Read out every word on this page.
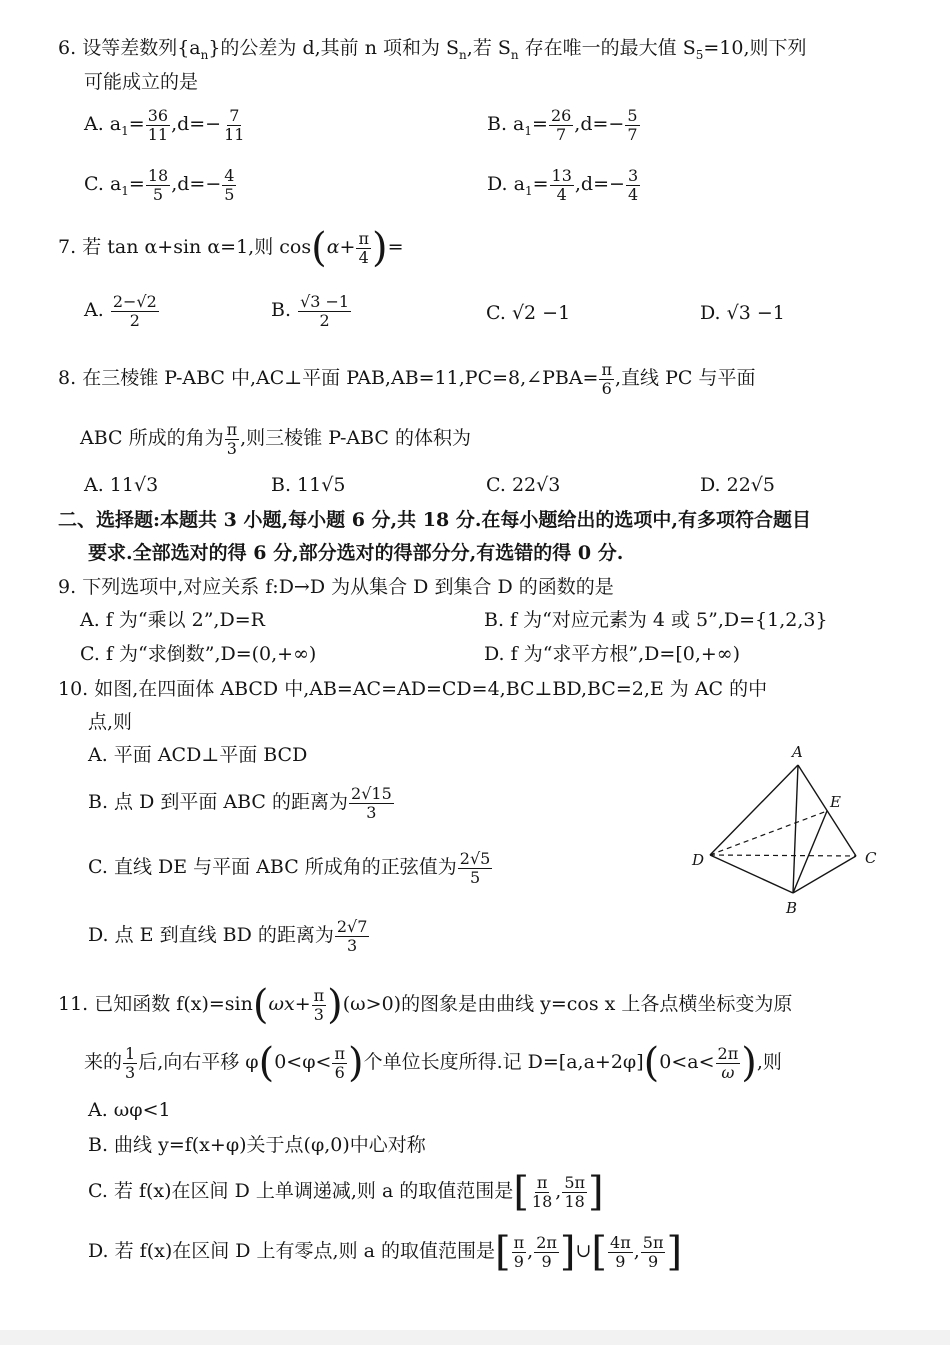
6. 设等差数列$\{a_n\}$的公差为 d,其前 n 项和为 $S_n$,若 $S_n$ 存在唯一的最大值 $S_5=10$,则下列
可能成立的是
A. $a_1= \frac{36}{11} ,d=- \frac{7}{11}$	B. $a_1= \frac{26}{7} ,d=- \frac{5}{7}$
C. $a_1= \frac{18}{5} ,d=- \frac{4}{5}$	D. $a_1= \frac{13}{4} ,d=- \frac{3}{4}$
7. 若 tan α+sin α=1,则 $\cos(\alpha+ \frac{\pi}{4}$ )=
A. $\frac{2-√2}{2}$	B. $\frac{√3 -1}{2}$	C. √2 −1	D. √3 −1
8. 在三棱锥 P-ABC 中,AC⊥平面 PAB,AB=11,PC=8,∠PBA= $\frac{\pi}{6}$ ,直线 PC 与平面
ABC 所成的角为 $\frac{\pi}{3}$ ,则三棱锥 P-ABC 的体积为
A. 11√3	B. 11√5	C. 22√3	D. 22√5
二、选择题:本题共 3 小题,每小题 6 分,共 18 分.在每小题给出的选项中,有多项符合题目
要求.全部选对的得 6 分,部分选对的得部分分,有选错的得 0 分.
9. 下列选项中,对应关系 f:D→D 为从集合 D 到集合 D 的函数的是
A. f 为“乘以 2”,D=R	B. f 为“对应元素为 4 或 5”,D={1,2,3}
C. f 为“求倒数”,D=(0,+∞)	D. f 为“求平方根”,D=[0,+∞)
10. 如图,在四面体 ABCD 中,AB=AC=AD=CD=4,BC⊥BD,BC=2,E 为 AC 的中
点,则
A. 平面 ACD⊥平面 BCD
B. 点 D 到平面 ABC 的距离为 $\frac{2√15}{3}$
C. 直线 DE 与平面 ABC 所成角的正弦值为 $\frac{2√5}{5}$
D. 点 E 到直线 BD 的距离为 $\frac{2√7}{3}$
A
E
D	C
B
11. 已知函数 $f(x)=\sin(\omega x+ \frac{\pi}{3} )(\omega>0)$的图象是由曲线 y=cos x 上各点横坐标变为原
来的 $\frac{1}{3}$ 后,向右平移 $\varphi(0<\varphi< \frac{\pi}{6}$ )个单位长度所得.记 $D=[a,a+2\varphi](0<a< \frac{2\pi}{\omega}$ ),则
A. ωφ<1
B. 曲线 y=f(x+φ)关于点(φ,0)中心对称
C. 若 f(x)在区间 D 上单调递减,则 a 的取值范围是[ $\frac{\pi}{18}$ , $\frac{5\pi}{18}$ ]
D. 若 f(x)在区间 D 上有零点,则 a 的取值范围是[ $\frac{\pi}{9}$ , $\frac{2\pi}{9}$ ]∪[ $\frac{4\pi}{9}$ , $\frac{5\pi}{9}$ ]
